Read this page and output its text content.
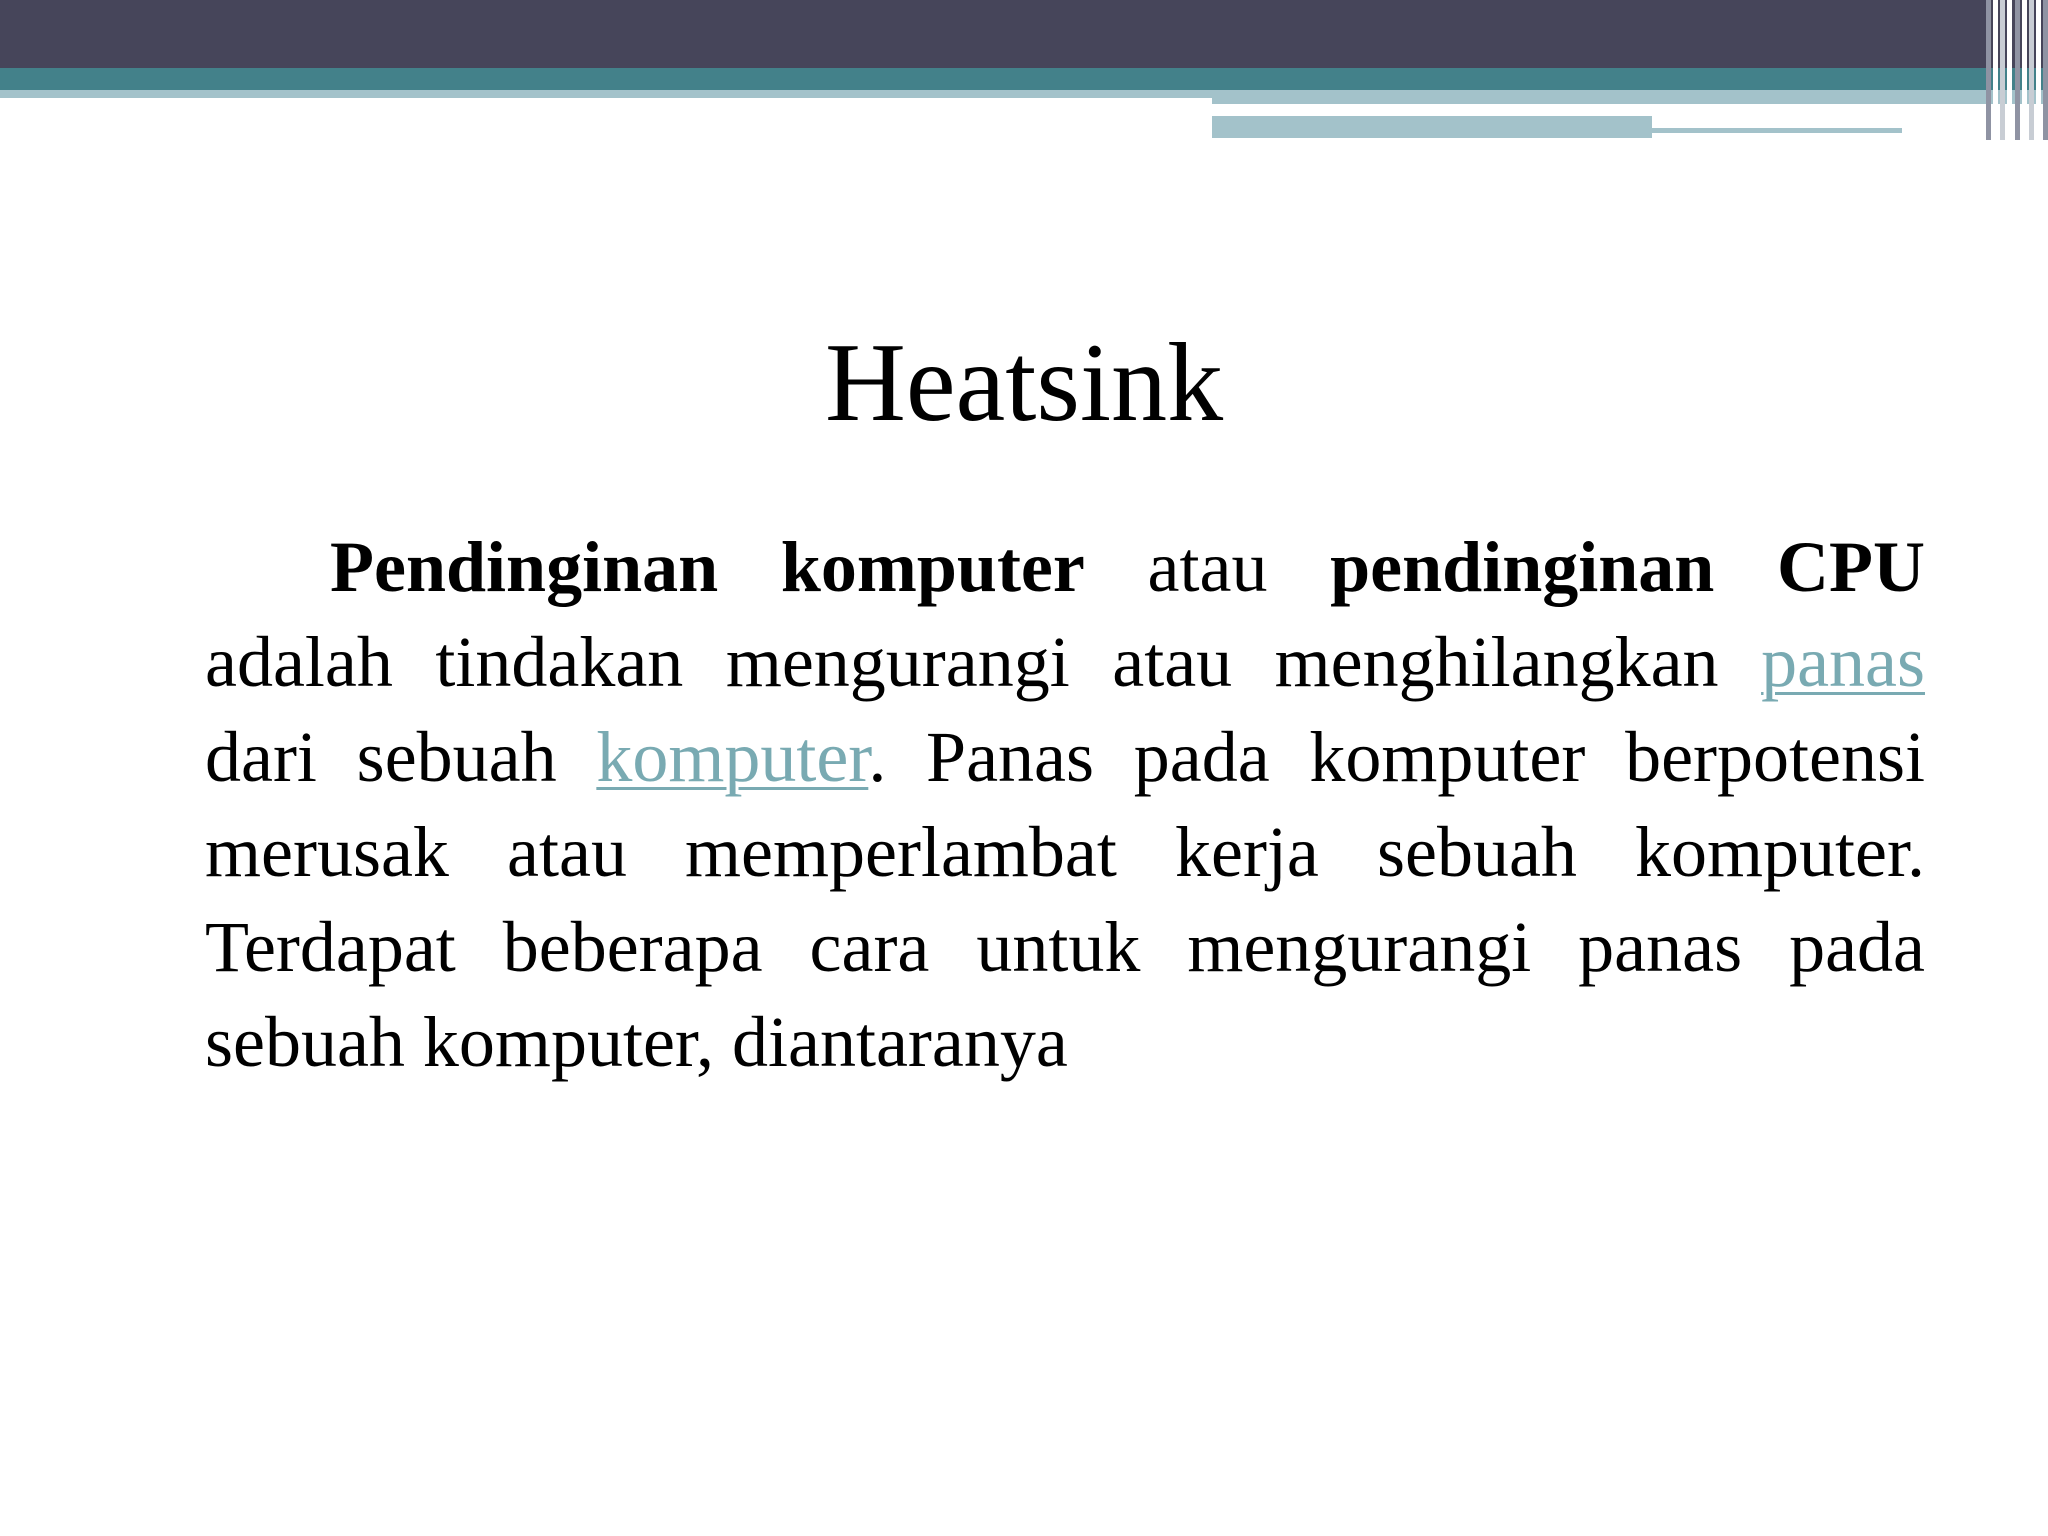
Heatsink

Pendinginan komputer atau pendinginan CPU adalah tindakan mengurangi atau menghilangkan panas dari sebuah komputer. Panas pada komputer berpotensi merusak atau memperlambat kerja sebuah komputer. Terdapat beberapa cara untuk mengurangi panas pada sebuah komputer, diantaranya
